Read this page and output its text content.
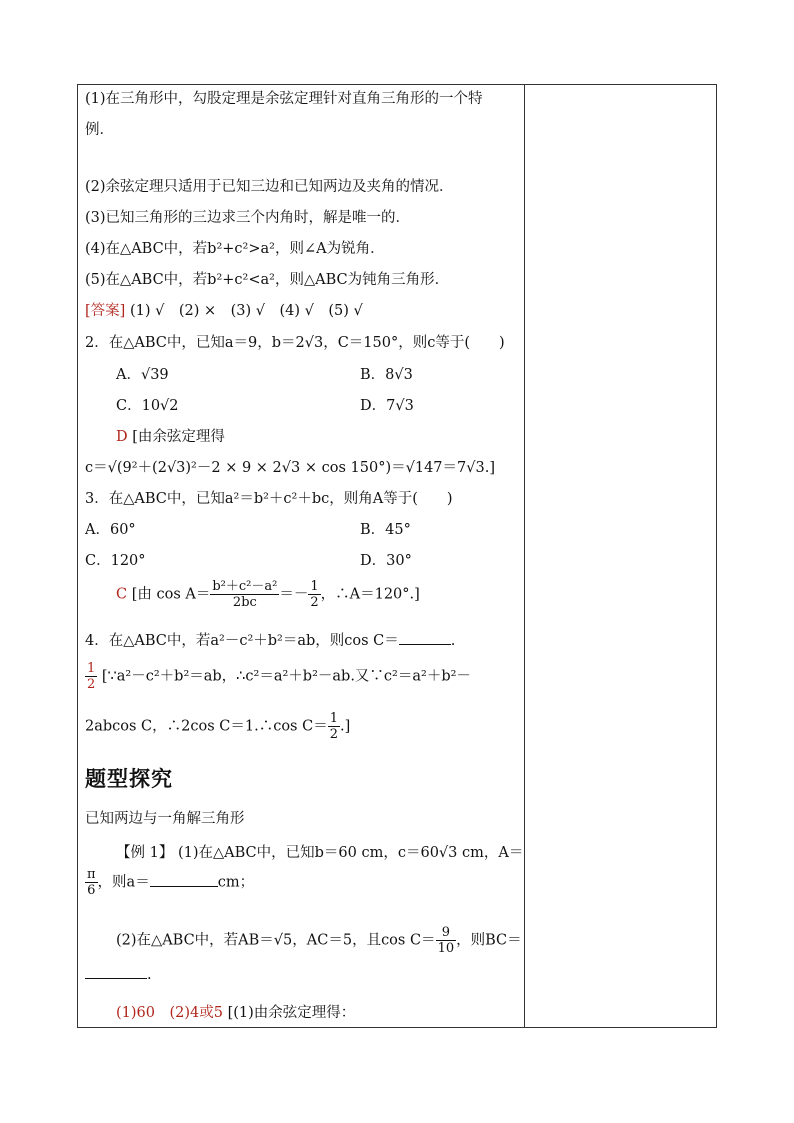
(1)在三角形中，勾股定理是余弦定理针对直角三角形的一个特
例．
(2)余弦定理只适用于已知三边和已知两边及夹角的情况．
(3)已知三角形的三边求三个内角时，解是唯一的．
(4)在△ABC中，若b²+c²>a²，则∠A为锐角．
(5)在△ABC中，若b²+c²<a²，则△ABC为钝角三角形．
[答案] (1) √　(2) ×　(3) √　(4) √　(5) √
2．在△ABC中，已知a＝9，b＝2√3，C＝150°，则c等于(　　)
A．√39	B．8√3
C．10√2	D．7√3
D [由余弦定理得
c＝√(9²＋(2√3)²－2 × 9 × 2√3 × cos 150°)＝√147＝7√3.]
3．在△ABC中，已知a²＝b²＋c²＋bc，则角A等于(　　)
A．60°	B．45°
C．120°	D．30°
C [由 $\cos A= \frac{\text{b²＋c²－a²}}{2bc} =- \frac{1}{2}$ ，∴A＝120°.]
4．在△ABC中，若a²－c²＋b²＝ab，则cos C＝	.
$\frac{1}{2}$ [∵a²－c²＋b²＝ab，∴c²＝a²＋b²－ab.又∵c²＝a²＋b²－
2abcos C，∴2cos C＝1.∴cos $C= \frac{1}{2}$ .]
题型探究
已知两边与一角解三角形
【例 1】 (1)在△ABC中，已知b＝60 cm，c＝60√3 cm，A＝
$\frac{\pi}{6}$ ，则a＝	cm；
(2)在△ABC中，若AB＝√5，AC＝5，且$\cos C= \frac{9}{10}$ ，则BC＝
.
(1)60　(2)4或5 [(1)由余弦定理得：
